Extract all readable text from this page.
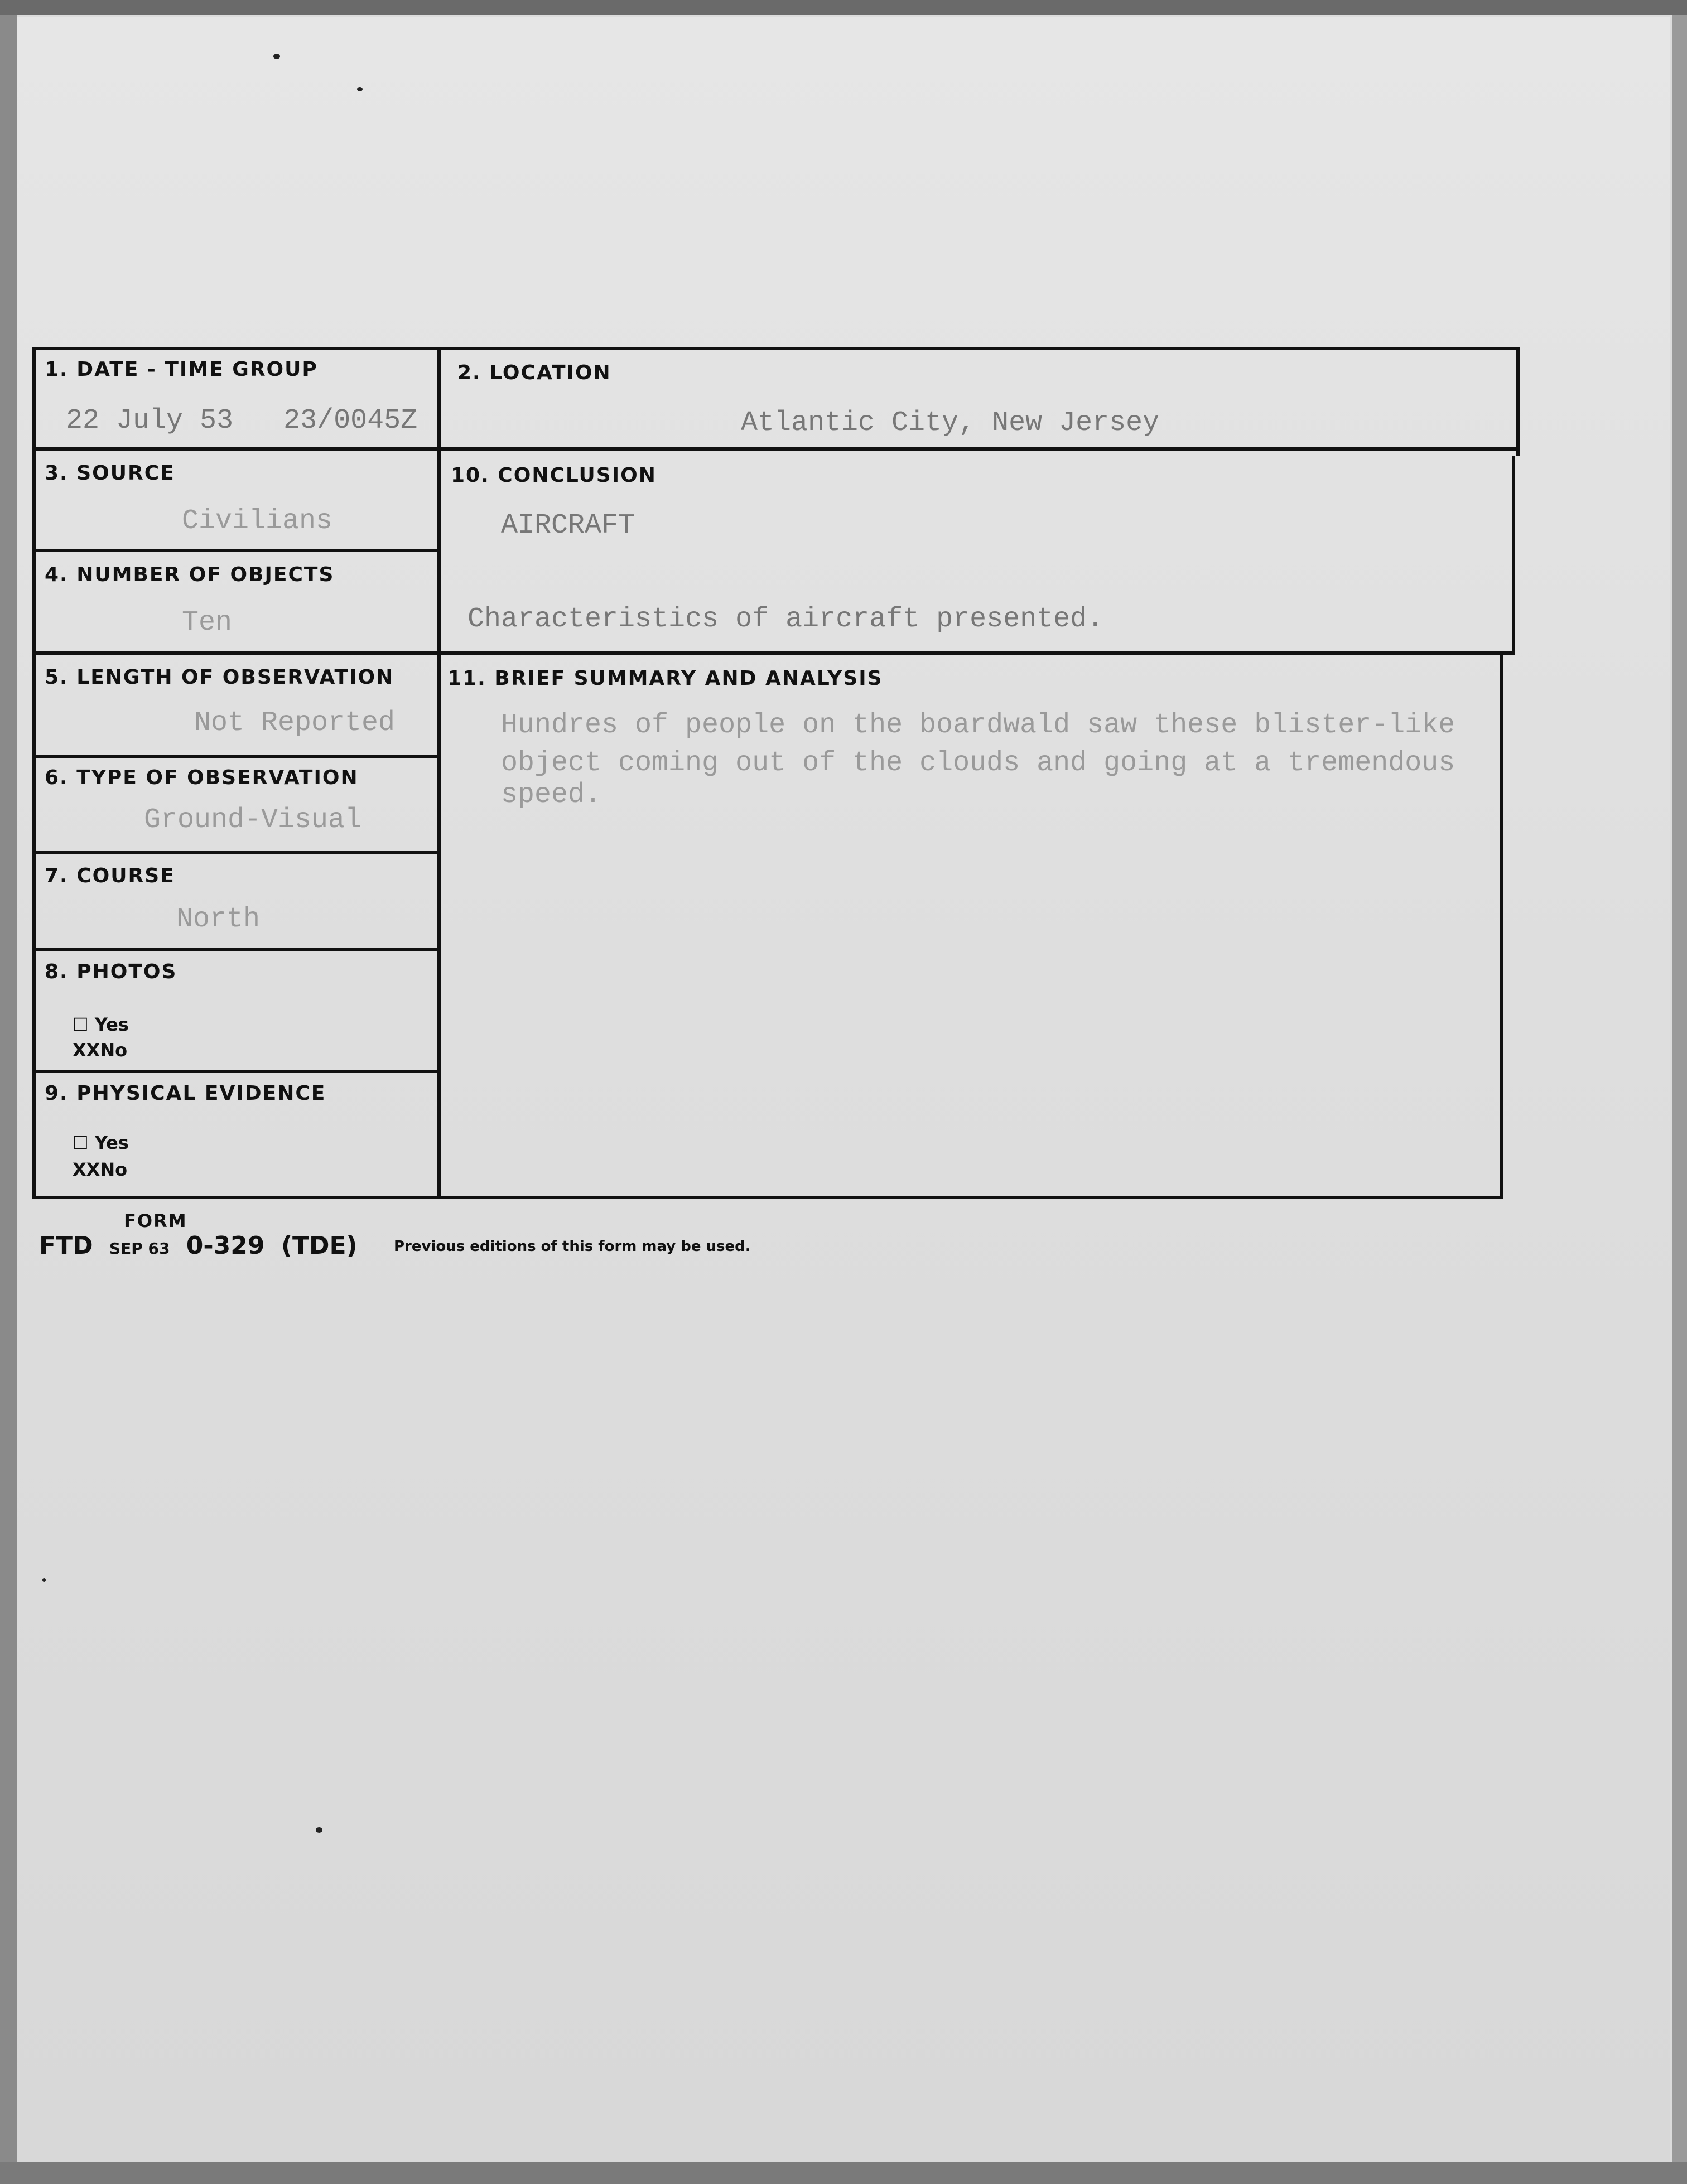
1. DATE - TIME GROUP
22 July 53   23/0045Z
2. LOCATION
Atlantic City, New Jersey
3. SOURCE
Civilians
10. CONCLUSION
AIRCRAFT
Characteristics of aircraft presented.
4. NUMBER OF OBJECTS
Ten
5. LENGTH OF OBSERVATION
Not Reported
11. BRIEF SUMMARY AND ANALYSIS
Hundres of people on the boardwald saw these blister-like
object coming out of the clouds and going at a tremendous speed.
6. TYPE OF OBSERVATION
Ground-Visual
7. COURSE
North
8. PHOTOS
☐ Yes
XXNo
9. PHYSICAL EVIDENCE
☐ Yes
XXNo
FORM
FTD SEP 63 0-329 (TDE)	Previous editions of this form may be used.
